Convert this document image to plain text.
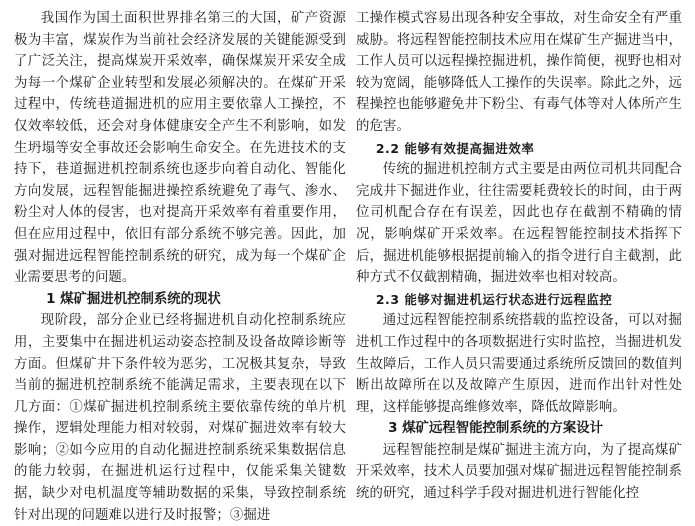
我国作为国土面积世界排名第三的大国，矿产资源极为丰富，煤炭作为当前社会经济发展的关键能源受到了广泛关注，提高煤炭开采效率，确保煤炭开采安全成为每一个煤矿企业转型和发展必须解决的。在煤矿开采过程中，传统巷道掘进机的应用主要依靠人工操控，不仅效率较低，还会对身体健康安全产生不利影响，如发生坍塌等安全事故还会影响生命安全。在先进技术的支持下，巷道掘进机控制系统也逐步向着自动化、智能化方向发展，远程智能掘进操控系统避免了毒气、渗水、粉尘对人体的侵害，也对提高开采效率有着重要作用，但在应用过程中，依旧有部分系统不够完善。因此，加强对掘进远程智能控制系统的研究，成为每一个煤矿企业需要思考的问题。

1 煤矿掘进机控制系统的现状

现阶段，部分企业已经将掘进机自动化控制系统应用，主要集中在掘进机运动姿态控制及设备故障诊断等方面。但煤矿井下条件较为恶劣，工况极其复杂，导致当前的掘进机控制系统不能满足需求，主要表现在以下几方面：①煤矿掘进机控制系统主要依靠传统的单片机操作，逻辑处理能力相对较弱，对煤矿掘进效率有较大影响；②如今应用的自动化掘进控制系统采集数据信息的能力较弱，在掘进机运行过程中，仅能采集关键数据，缺少对电机温度等辅助数据的采集，导致控制系统针对出现的问题难以进行及时报警；③掘进

工操作模式容易出现各种安全事故，对生命安全有严重威胁。将远程智能控制技术应用在煤矿生产掘进当中，工作人员可以远程操控掘进机，操作简便，视野也相对较为宽阔，能够降低人工操作的失误率。除此之外，远程操控也能够避免井下粉尘、有毒气体等对人体所产生的危害。

2.2 能够有效提高掘进效率

传统的掘进机控制方式主要是由两位司机共同配合完成井下掘进作业，往往需要耗费较长的时间，由于两位司机配合存在有误差，因此也存在截割不精确的情况，影响煤矿开采效率。在远程智能控制技术指挥下后，掘进机能够根据提前输入的指令进行自主截割，此种方式不仅截割精确，掘进效率也相对较高。

2.3 能够对掘进机运行状态进行远程监控

通过远程智能控制系统搭载的监控设备，可以对掘进机工作过程中的各项数据进行实时监控，当掘进机发生故障后，工作人员只需要通过系统所反馈回的数值判断出故障所在以及故障产生原因，进而作出针对性处理，这样能够提高维修效率，降低故障影响。

3 煤矿远程智能控制系统的方案设计

远程智能控制是煤矿掘进主流方向，为了提高煤矿开采效率，技术人员要加强对煤矿掘进远程智能控制系统的研究，通过科学手段对掘进机进行智能化控
